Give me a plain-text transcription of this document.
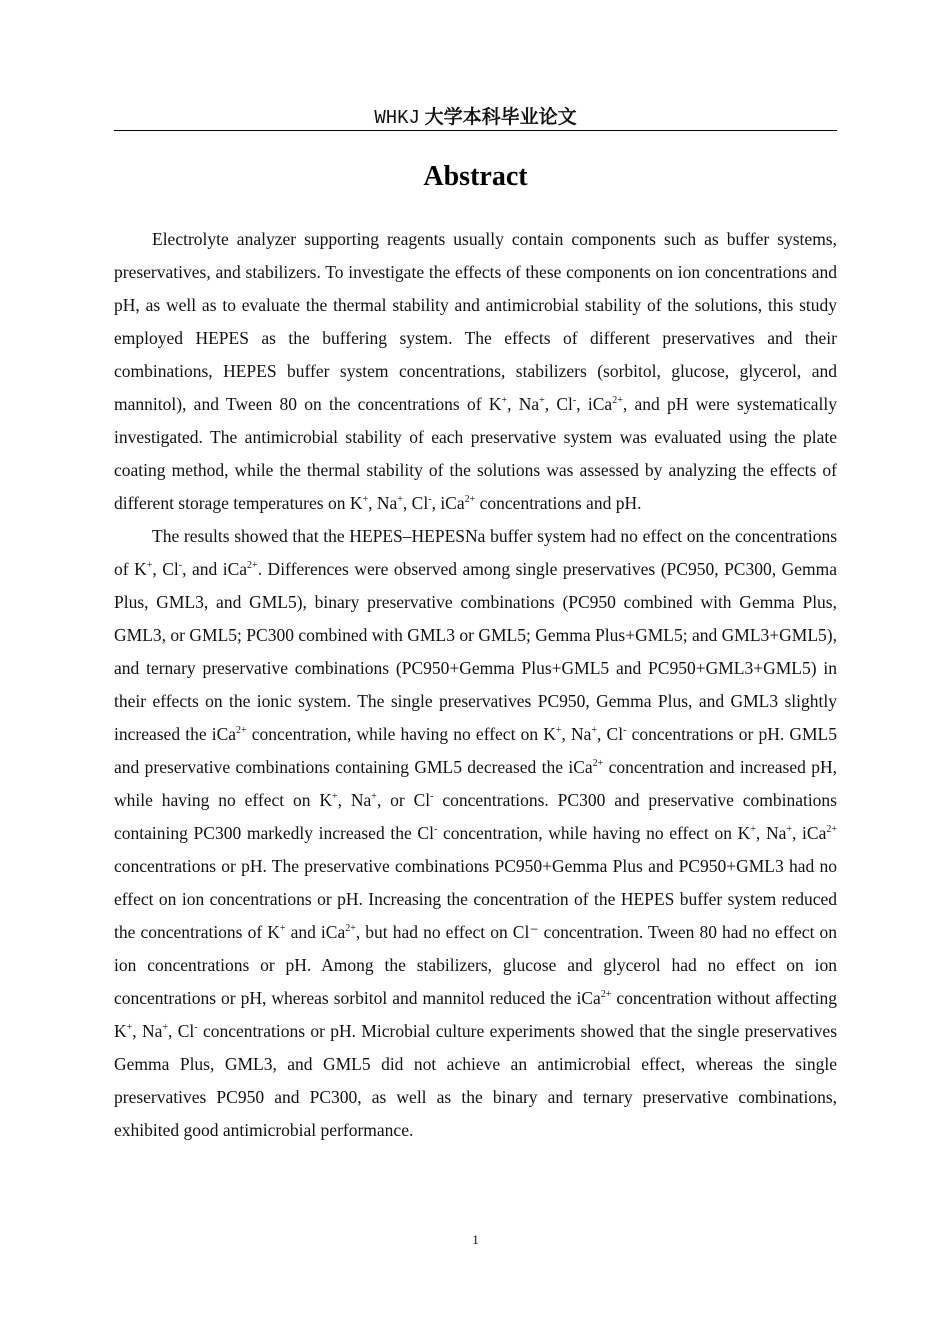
WHKJ 大学本科毕业论文
Abstract

Electrolyte analyzer supporting reagents usually contain components such as buffer systems, preservatives, and stabilizers. To investigate the effects of these components on ion concentrations and pH, as well as to evaluate the thermal stability and antimicrobial stability of the solutions, this study employed HEPES as the buffering system. The effects of different preservatives and their combinations, HEPES buffer system concentrations, stabilizers (sorbitol, glucose, glycerol, and mannitol), and Tween 80 on the concentrations of K+, Na+, Cl-, iCa$^{2+}$, and pH were systematically investigated. The antimicrobial stability of each preservative system was evaluated using the plate coating method, while the thermal stability of the solutions was assessed by analyzing the effects of different storage temperatures on K+, Na+, Cl-, iCa$^{2+}$ concentrations and pH.

The results showed that the HEPES–HEPESNa buffer system had no effect on the concentrations of K+, Cl-, and iCa$^{2+}$. Differences were observed among single preservatives (PC950, PC300, Gemma Plus, GML3, and GML5), binary preservative combinations (PC950 combined with Gemma Plus, GML3, or GML5; PC300 combined with GML3 or GML5; Gemma Plus+GML5; and GML3+GML5), and ternary preservative combinations (PC950+Gemma Plus+GML5 and PC950+GML3+GML5) in their effects on the ionic system. The single preservatives PC950, Gemma Plus, and GML3 slightly increased the iCa$^{2+}$ concentration, while having no effect on K+, Na+, Cl- concentrations or pH. GML5 and preservative combinations containing GML5 decreased the iCa$^{2+}$ concentration and increased pH, while having no effect on K+, Na+, or Cl- concentrations. PC300 and preservative combinations containing PC300 markedly increased the Cl- concentration, while having no effect on K+, Na+, iCa$^{2+}$ concentrations or pH. The preservative combinations PC950+Gemma Plus and PC950+GML3 had no effect on ion concentrations or pH. Increasing the concentration of the HEPES buffer system reduced the concentrations of K+ and iCa$^{2+}$, but had no effect on Cl⁻ concentration. Tween 80 had no effect on ion concentrations or pH. Among the stabilizers, glucose and glycerol had no effect on ion concentrations or pH, whereas sorbitol and mannitol reduced the iCa$^{2+}$ concentration without affecting K+, Na+, Cl- concentrations or pH. Microbial culture experiments showed that the single preservatives Gemma Plus, GML3, and GML5 did not achieve an antimicrobial effect, whereas the single preservatives PC950 and PC300, as well as the binary and ternary preservative combinations, exhibited good antimicrobial performance.

1
